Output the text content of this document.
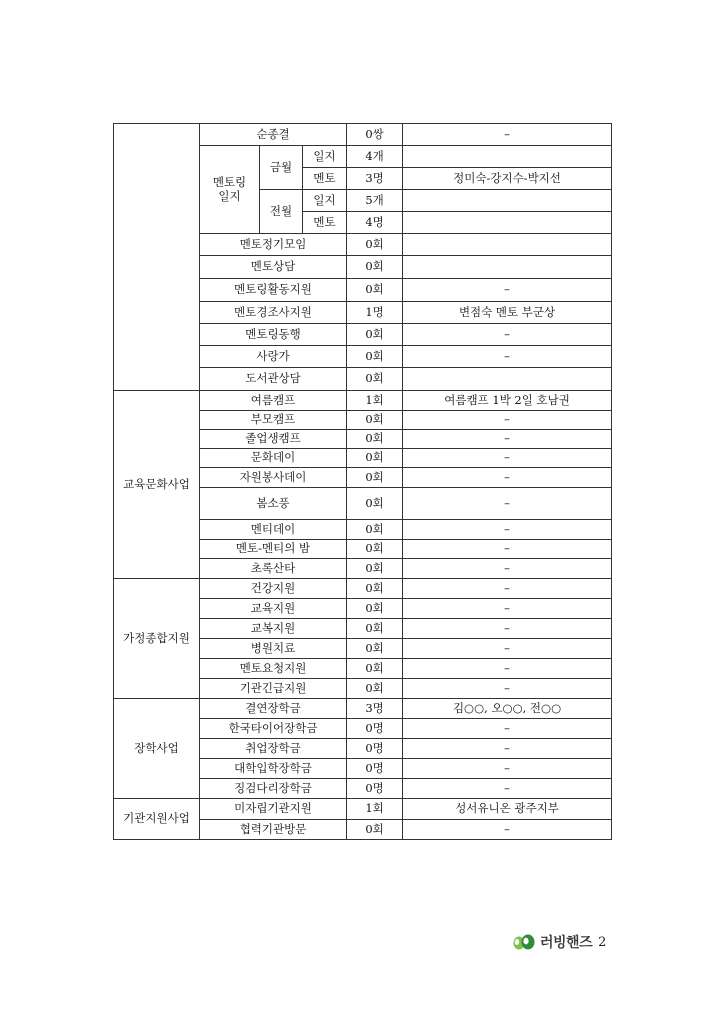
	순종결			0쌍	–
	멘토링 일지	금월	일지	4개	
			멘토	3명	정미숙-강지수-박지선
		전월	일지	5개	
			멘토	4명	
	멘토정기모임			0회	
	멘토상담			0회	
	멘토링활동지원			0회	–
	멘토경조사지원			1명	변점숙 멘토 부군상
	멘토링동행			0회	–
	사랑가			0회	–
	도서관상담			0회	
교육문화사업	여름캠프			1회	여름캠프 1박 2일 호남권
	부모캠프			0회	–
	졸업생캠프			0회	–
	문화데이			0회	–
	자원봉사데이			0회	–
	봄소풍			0회	–
	멘티데이			0회	–
	멘토-멘티의 밤			0회	–
	초록산타			0회	–
가정종합지원	건강지원			0회	–
	교육지원			0회	–
	교복지원			0회	–
	병원치료			0회	–
	멘토요청지원			0회	–
	기관긴급지원			0회	–
장학사업	결연장학금			3명	김○○, 오○○, 전○○
	한국타이어장학금			0명	–
	취업장학금			0명	–
	대학입학장학금			0명	–
	징검다리장학금			0명	–
기관지원사업	미자립기관지원			1회	성서유니온 광주지부
	협력기관방문			0회	–
러빙핸즈 2
